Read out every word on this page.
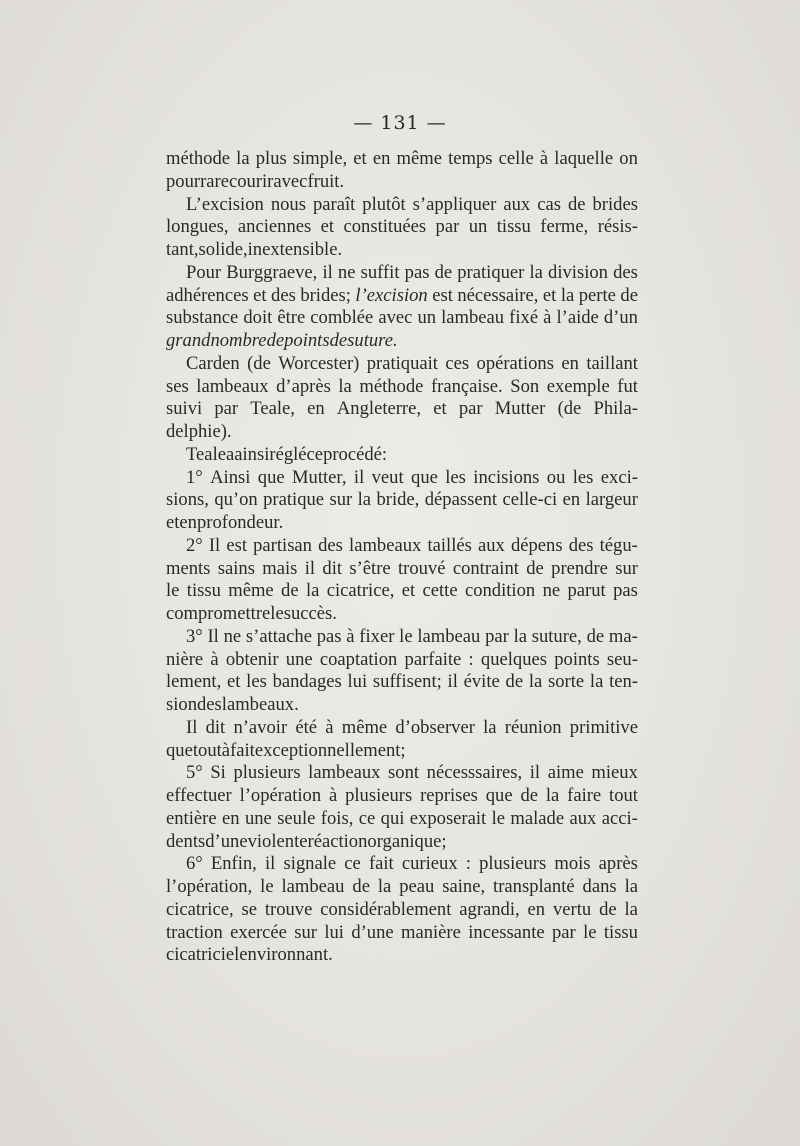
— 131 —
méthode la plus simple, et en même temps celle à laquelle on
pourra recourir avec fruit.
L’excision nous paraît plutôt s’appliquer aux cas de brides
longues, anciennes et constituées par un tissu ferme, résis-
tant, solide, inextensible.
Pour Burggraeve, il ne suffit pas de pratiquer la division des
adhérences et des brides; l’excision est nécessaire, et la perte de
substance doit être comblée avec un lambeau fixé à l’aide d’un
grand nombre de points de suture.
Carden (de Worcester) pratiquait ces opérations en taillant
ses lambeaux d’après la méthode française. Son exemple fut
suivi par Teale, en Angleterre, et par Mutter (de Phila-
delphie).
Teale a ainsi réglé ce procédé :
1° Ainsi que Mutter, il veut que les incisions ou les exci-
sions, qu’on pratique sur la bride, dépassent celle-ci en largeur
et en profondeur.
2° Il est partisan des lambeaux taillés aux dépens des tégu-
ments sains mais il dit s’être trouvé contraint de prendre sur
le tissu même de la cicatrice, et cette condition ne parut pas
compromettre le succès.
3° Il ne s’attache pas à fixer le lambeau par la suture, de ma-
nière à obtenir une coaptation parfaite : quelques points seu-
lement, et les bandages lui suffisent; il évite de la sorte la ten-
sion des lambeaux.
Il dit n’avoir été à même d’observer la réunion primitive
que tout à fait exceptionnellement;
5° Si plusieurs lambeaux sont nécesssaires, il aime mieux
effectuer l’opération à plusieurs reprises que de la faire tout
entière en une seule fois, ce qui exposerait le malade aux acci-
dents d’une violente réaction organique;
6° Enfin, il signale ce fait curieux : plusieurs mois après
l’opération, le lambeau de la peau saine, transplanté dans la
cicatrice, se trouve considérablement agrandi, en vertu de la
traction exercée sur lui d’une manière incessante par le tissu
cicatriciel environnant.
